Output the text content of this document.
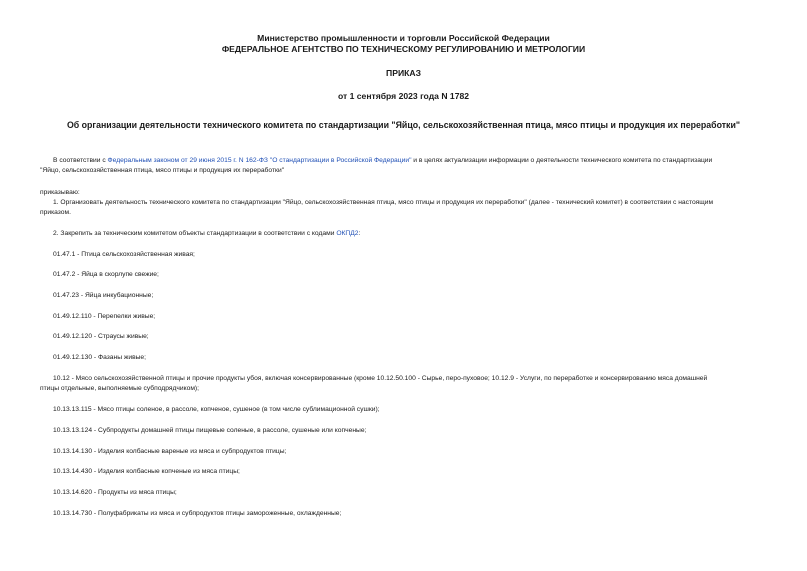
Министерство промышленности и торговли Российской Федерации
ФЕДЕРАЛЬНОЕ АГЕНТСТВО ПО ТЕХНИЧЕСКОМУ РЕГУЛИРОВАНИЮ И МЕТРОЛОГИИ
ПРИКАЗ
от 1 сентября 2023 года N 1782
Об организации деятельности технического комитета по стандартизации "Яйцо, сельскохозяйственная птица, мясо птицы и продукция их переработки"
В соответствии с Федеральным законом от 29 июня 2015 г. N 162-ФЗ "О стандартизации в Российской Федерации" и в целях актуализации информации о деятельности технического комитета по стандартизации
"Яйцо, сельскохозяйственная птица, мясо птицы и продукция их переработки"
приказываю:
1. Организовать деятельность технического комитета по стандартизации "Яйцо, сельскохозяйственная птица, мясо птицы и продукция их переработки" (далее - технический комитет) в соответствии с настоящим
приказом.
2. Закрепить за техническим комитетом объекты стандартизации в соответствии с кодами ОКПД2:
01.47.1 - Птица сельскохозяйственная живая;
01.47.2 - Яйца в скорлупе свежие;
01.47.23 - Яйца инкубационные;
01.49.12.110 - Перепелки живые;
01.49.12.120 - Страусы живые;
01.49.12.130 - Фазаны живые;
10.12 - Мясо сельскохозяйственной птицы и прочие продукты убоя, включая консервированные (кроме 10.12.50.100 - Сырье, перо-пуховое; 10.12.9 - Услуги, по переработке и консервированию мяса домашней
птицы отдельные, выполняемые субподрядчиком);
10.13.13.115 - Мясо птицы соленое, в рассоле, копченое, сушеное (в том числе сублимационной сушки);
10.13.13.124 - Субпродукты домашней птицы пищевые соленые, в рассоле, сушеные или копченые;
10.13.14.130 - Изделия колбасные вареные из мяса и субпродуктов птицы;
10.13.14.430 - Изделия колбасные копченые из мяса птицы;
10.13.14.620 - Продукты из мяса птицы;
10.13.14.730 - Полуфабрикаты из мяса и субпродуктов птицы замороженные, охлажденные;
